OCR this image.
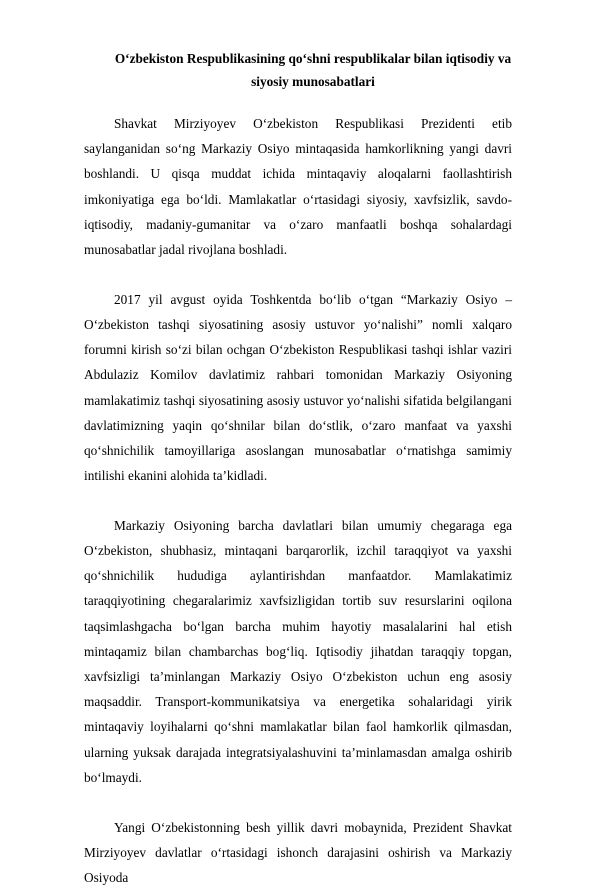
O‘zbekiston Respublikasining qo‘shni respublikalar bilan iqtisodiy va
siyosiy munosabatlari

Shavkat Mirziyoyev O‘zbekiston Respublikasi Prezidenti etib saylanganidan so‘ng Markaziy Osiyo mintaqasida hamkorlikning yangi davri boshlandi. U qisqa muddat ichida mintaqaviy aloqalarni faollashtirish imkoniyatiga ega bo‘ldi. Mamlakatlar o‘rtasidagi siyosiy, xavfsizlik, savdo-iqtisodiy, madaniy-gumanitar va o‘zaro manfaatli boshqa sohalardagi munosabatlar jadal rivojlana boshladi.

2017 yil avgust oyida Toshkentda bo‘lib o‘tgan “Markaziy Osiyo – O‘zbekiston tashqi siyosatining asosiy ustuvor yo‘nalishi” nomli xalqaro forumni kirish so‘zi bilan ochgan O‘zbekiston Respublikasi tashqi ishlar vaziri Abdulaziz Komilov davlatimiz rahbari tomonidan Markaziy Osiyoning mamlakatimiz tashqi siyosatining asosiy ustuvor yo‘nalishi sifatida belgilangani davlatimizning yaqin qo‘shnilar bilan do‘stlik, o‘zaro manfaat va yaxshi qo‘shnichilik tamoyillariga asoslangan munosabatlar o‘rnatishga samimiy intilishi ekanini alohida ta’kidladi.

Markaziy Osiyoning barcha davlatlari bilan umumiy chegaraga ega O‘zbekiston, shubhasiz, mintaqani barqarorlik, izchil taraqqiyot va yaxshi qo‘shnichilik hududiga aylantirishdan manfaatdor. Mamlakatimiz taraqqiyotining chegaralarimiz xavfsizligidan tortib suv resurslarini oqilona taqsimlashgacha bo‘lgan barcha muhim hayotiy masalalarini hal etish mintaqamiz bilan chambarchas bog‘liq. Iqtisodiy jihatdan taraqqiy topgan, xavfsizligi ta’minlangan Markaziy Osiyo O‘zbekiston uchun eng asosiy maqsaddir. Transport-kommunikatsiya va energetika sohalaridagi yirik mintaqaviy loyihalarni qo‘shni mamlakatlar bilan faol hamkorlik qilmasdan, ularning yuksak darajada integratsiyalashuvini ta’minlamasdan amalga oshirib bo‘lmaydi.

Yangi O‘zbekistonning besh yillik davri mobaynida, Prezident Shavkat Mirziyoyev davlatlar o‘rtasidagi ishonch darajasini oshirish va Markaziy Osiyoda
